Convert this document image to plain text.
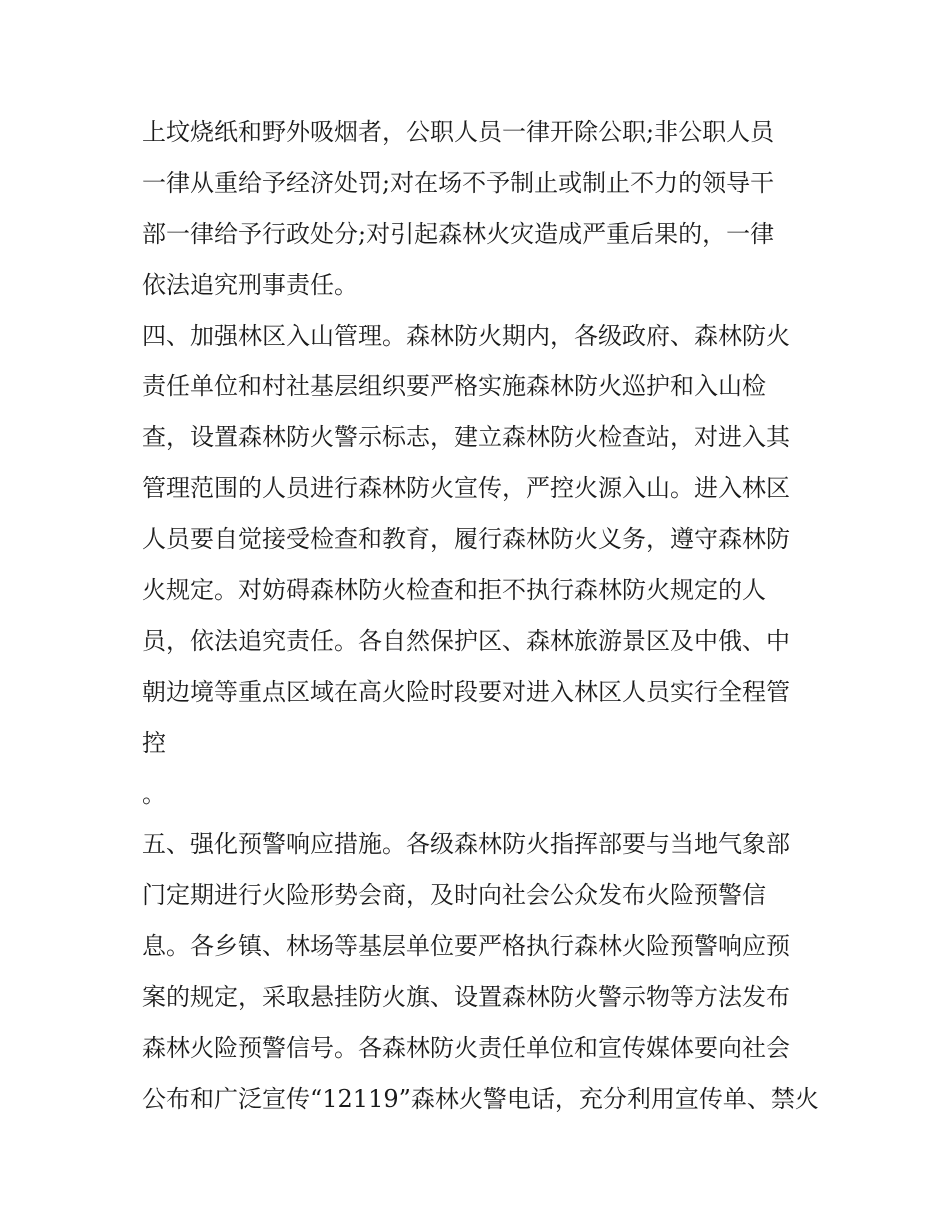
上坟烧纸和野外吸烟者，公职人员一律开除公职;非公职人员
一律从重给予经济处罚;对在场不予制止或制止不力的领导干
部一律给予行政处分;对引起森林火灾造成严重后果的，一律
依法追究刑事责任。
四、加强林区入山管理。森林防火期内，各级政府、森林防火
责任单位和村社基层组织要严格实施森林防火巡护和入山检
查，设置森林防火警示标志，建立森林防火检查站，对进入其
管理范围的人员进行森林防火宣传，严控火源入山。进入林区
人员要自觉接受检查和教育，履行森林防火义务，遵守森林防
火规定。对妨碍森林防火检查和拒不执行森林防火规定的人
员，依法追究责任。各自然保护区、森林旅游景区及中俄、中
朝边境等重点区域在高火险时段要对进入林区人员实行全程管
控
。
五、强化预警响应措施。各级森林防火指挥部要与当地气象部
门定期进行火险形势会商，及时向社会公众发布火险预警信
息。各乡镇、林场等基层单位要严格执行森林火险预警响应预
案的规定，采取悬挂防火旗、设置森林防火警示物等方法发布
森林火险预警信号。各森林防火责任单位和宣传媒体要向社会
公布和广泛宣传“12119”森林火警电话，充分利用宣传单、禁火
